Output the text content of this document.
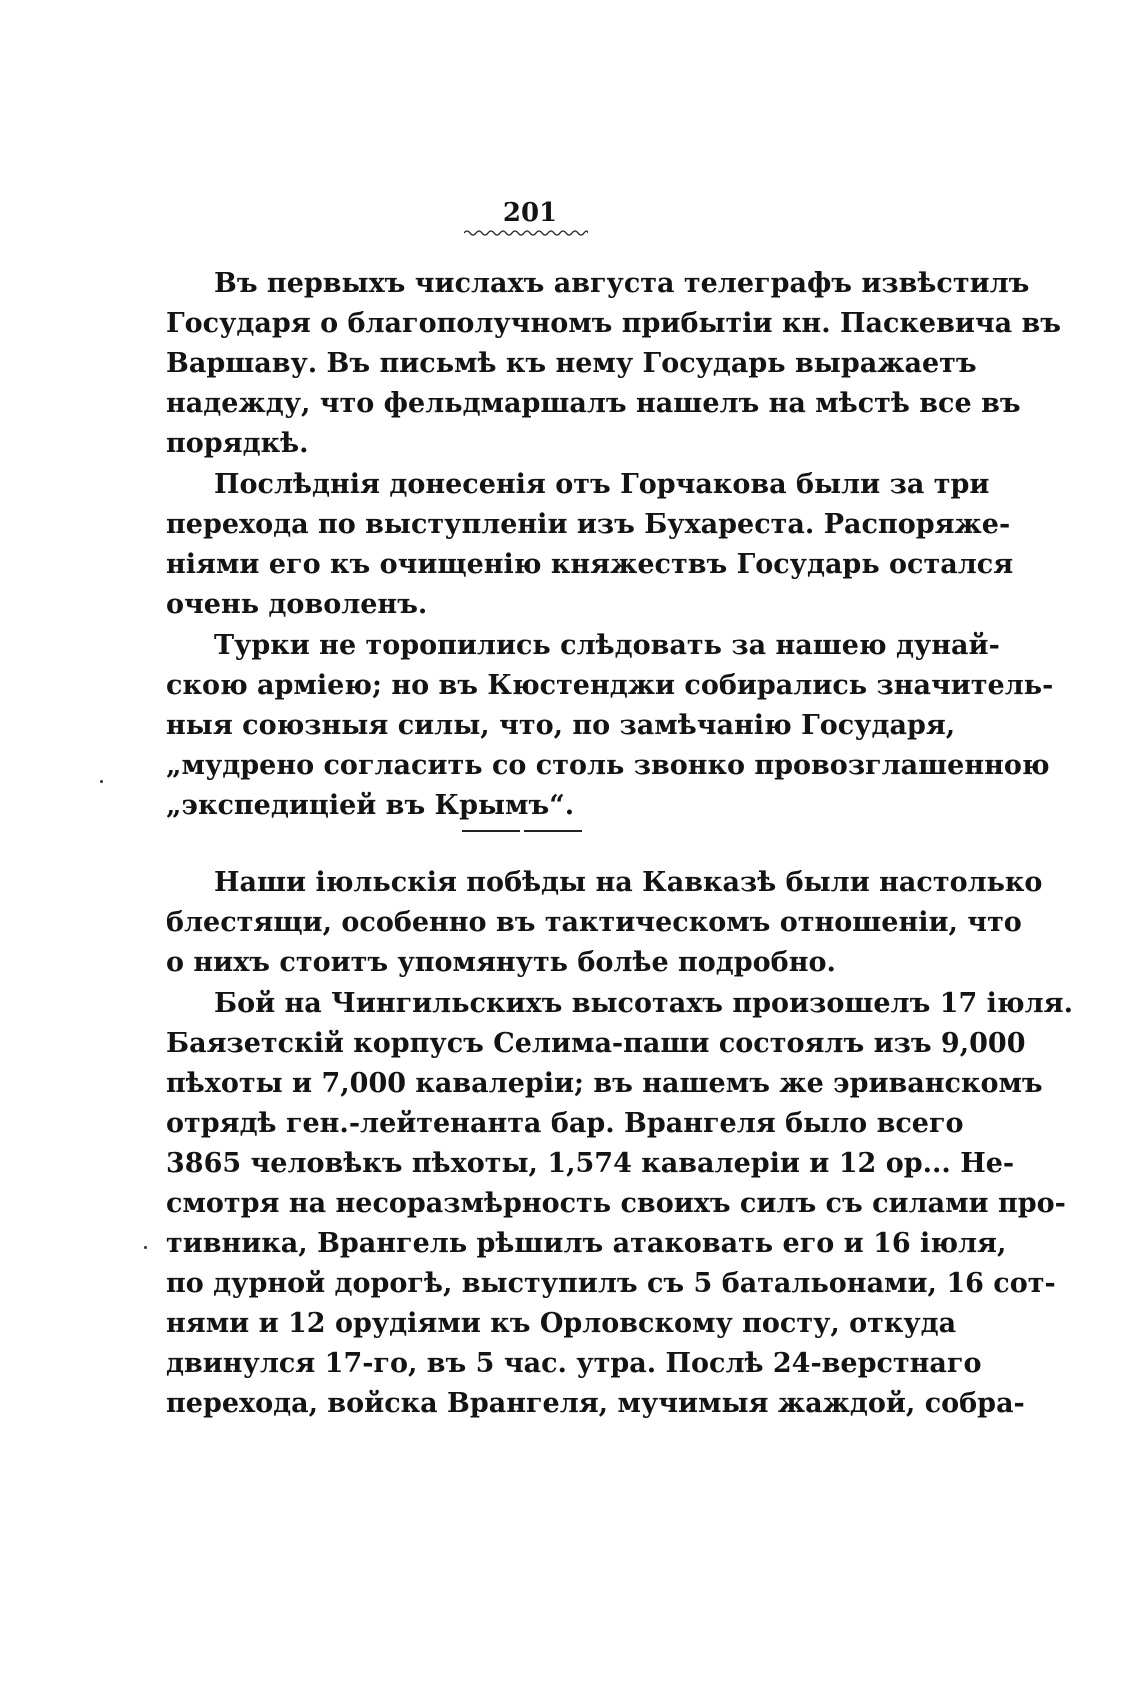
201
Въ первыхъ числахъ августа телеграфъ извѣстилъ
Государя о благополучномъ прибытіи кн. Паскевича въ
Варшаву. Въ письмѣ къ нему Государь выражаетъ
надежду, что фельдмаршалъ нашелъ на мѣстѣ все въ
порядкѣ.
Послѣднія донесенія отъ Горчакова были за три
перехода по выступленіи изъ Бухареста. Распоряже-
ніями его къ очищенію княжествъ Государь остался
очень доволенъ.
Турки не торопились слѣдовать за нашею дунай-
скою арміею; но въ Кюстенджи собирались значитель-
ныя союзныя силы, что, по замѣчанію Государя,
„мудрено согласить со столь звонко провозглашенною
„экспедиціей въ Крымъ“.
Наши іюльскія побѣды на Кавказѣ были настолько
блестящи, особенно въ тактическомъ отношеніи, что
о нихъ стоитъ упомянуть болѣе подробно.
Бой на Чингильскихъ высотахъ произошелъ 17 іюля.
Баязетскій корпусъ Селима-паши состоялъ изъ 9,000
пѣхоты и 7,000 кавалеріи; въ нашемъ же эриванскомъ
отрядѣ ген.-лейтенанта бар. Врангеля было всего
3865 человѣкъ пѣхоты, 1,574 кавалеріи и 12 ор... Не-
смотря на несоразмѣрность своихъ силъ съ силами про-
тивника, Врангель рѣшилъ атаковать его и 16 іюля,
по дурной дорогѣ, выступилъ съ 5 батальонами, 16 сот-
нями и 12 орудіями къ Орловскому посту, откуда
двинулся 17-го, въ 5 час. утра. Послѣ 24-верстнаго
перехода, войска Врангеля, мучимыя жаждой, собра-
